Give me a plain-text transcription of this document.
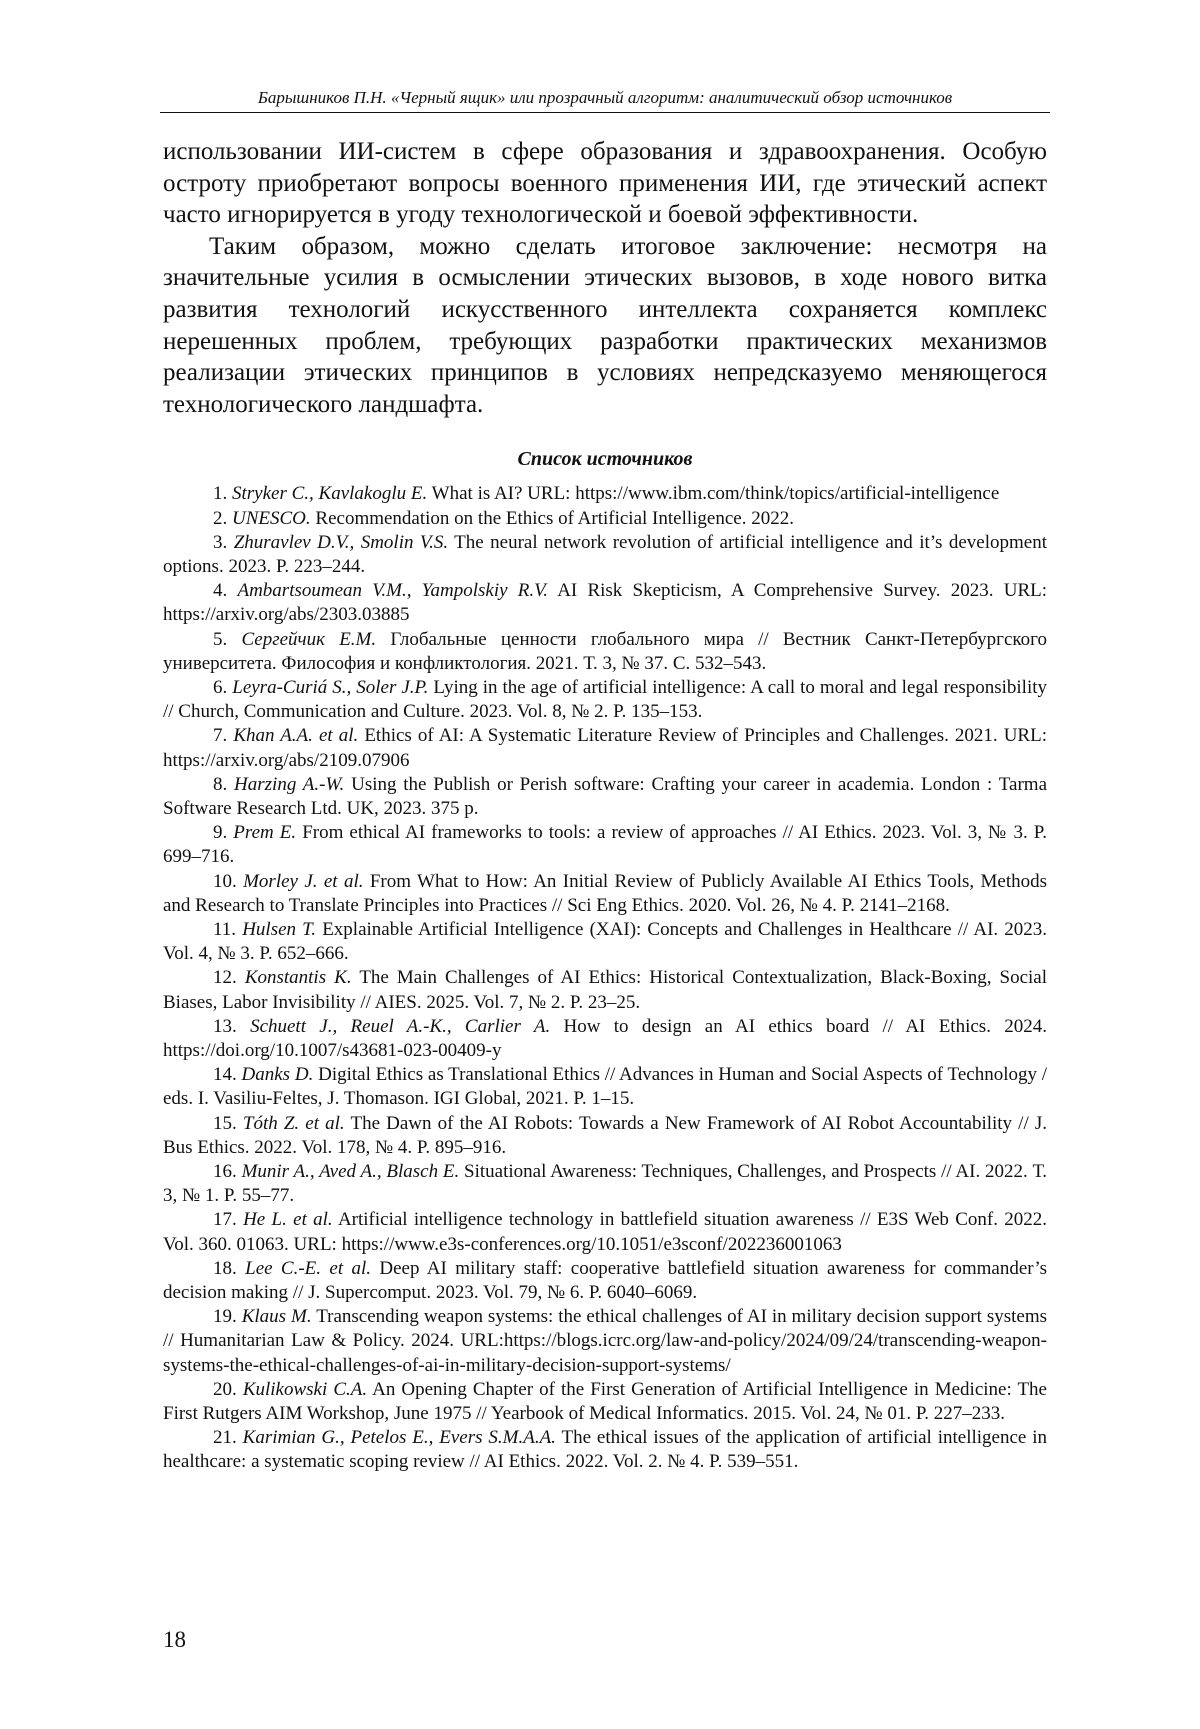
Барышников П.Н. «Черный ящик» или прозрачный алгоритм: аналитический обзор источников

использовании ИИ-систем в сфере образования и здравоохранения. Особую остроту приобретают вопросы военного применения ИИ, где этический аспект часто игнорируется в угоду технологической и боевой эффективности.

Таким образом, можно сделать итоговое заключение: несмотря на значительные усилия в осмыслении этических вызовов, в ходе нового витка развития технологий искусственного интеллекта сохраняется комплекс нерешенных проблем, требующих разработки практических механизмов реализации этических принципов в условиях непредсказуемо меняющегося технологического ландшафта.

Список источников
1. Stryker C., Kavlakoglu E. What is AI? URL: https://www.ibm.com/think/topics/artificial-intelligence
2. UNESCO. Recommendation on the Ethics of Artificial Intelligence. 2022.
3. Zhuravlev D.V., Smolin V.S. The neural network revolution of artificial intelligence and it’s development options. 2023. P. 223–244.
4. Ambartsoumean V.M., Yampolskiy R.V. AI Risk Skepticism, A Comprehensive Survey. 2023. URL: https://arxiv.org/abs/2303.03885
5. Сергейчик Е.М. Глобальные ценности глобального мира // Вестник Санкт-Петербургского университета. Философия и конфликтология. 2021. Т. 3, № 37. С. 532–543.
6. Leyra-Curiá S., Soler J.P. Lying in the age of artificial intelligence: A call to moral and legal responsibility // Church, Communication and Culture. 2023. Vol. 8, № 2. P. 135–153.
7. Khan A.A. et al. Ethics of AI: A Systematic Literature Review of Principles and Challenges. 2021. URL: https://arxiv.org/abs/2109.07906
8. Harzing A.-W. Using the Publish or Perish software: Crafting your career in academia. London : Tarma Software Research Ltd. UK, 2023. 375 p.
9. Prem E. From ethical AI frameworks to tools: a review of approaches // AI Ethics. 2023. Vol. 3, № 3. P. 699–716.
10. Morley J. et al. From What to How: An Initial Review of Publicly Available AI Ethics Tools, Methods and Research to Translate Principles into Practices // Sci Eng Ethics. 2020. Vol. 26, № 4. P. 2141–2168.
11. Hulsen T. Explainable Artificial Intelligence (XAI): Concepts and Challenges in Healthcare // AI. 2023. Vol. 4, № 3. P. 652–666.
12. Konstantis K. The Main Challenges of AI Ethics: Historical Contextualization, Black-Boxing, Social Biases, Labor Invisibility // AIES. 2025. Vol. 7, № 2. P. 23–25.
13. Schuett J., Reuel A.-K., Carlier A. How to design an AI ethics board // AI Ethics. 2024. https://doi.org/10.1007/s43681-023-00409-y
14. Danks D. Digital Ethics as Translational Ethics // Advances in Human and Social Aspects of Technology / eds. I. Vasiliu-Feltes, J. Thomason. IGI Global, 2021. P. 1–15.
15. Tóth Z. et al. The Dawn of the AI Robots: Towards a New Framework of AI Robot Accountability // J. Bus Ethics. 2022. Vol. 178, № 4. P. 895–916.
16. Munir A., Aved A., Blasch E. Situational Awareness: Techniques, Challenges, and Prospects // AI. 2022. Т. 3, № 1. P. 55–77.
17. He L. et al. Artificial intelligence technology in battlefield situation awareness // E3S Web Conf. 2022. Vol. 360. 01063. URL: https://www.e3s-conferences.org/10.1051/e3sconf/202236001063
18. Lee C.-E. et al. Deep AI military staff: cooperative battlefield situation awareness for commander’s decision making // J. Supercomput. 2023. Vol. 79, № 6. P. 6040–6069.
19. Klaus M. Transcending weapon systems: the ethical challenges of AI in military decision support systems // Humanitarian Law & Policy. 2024. URL:https://blogs.icrc.org/law-and-policy/2024/09/24/transcending-weapon-systems-the-ethical-challenges-of-ai-in-military-decision-support-systems/
20. Kulikowski C.A. An Opening Chapter of the First Generation of Artificial Intelligence in Medicine: The First Rutgers AIM Workshop, June 1975 // Yearbook of Medical Informatics. 2015. Vol. 24, № 01. P. 227–233.
21. Karimian G., Petelos E., Evers S.M.A.A. The ethical issues of the application of artificial intelligence in healthcare: a systematic scoping review // AI Ethics. 2022. Vol. 2. № 4. P. 539–551.
18
